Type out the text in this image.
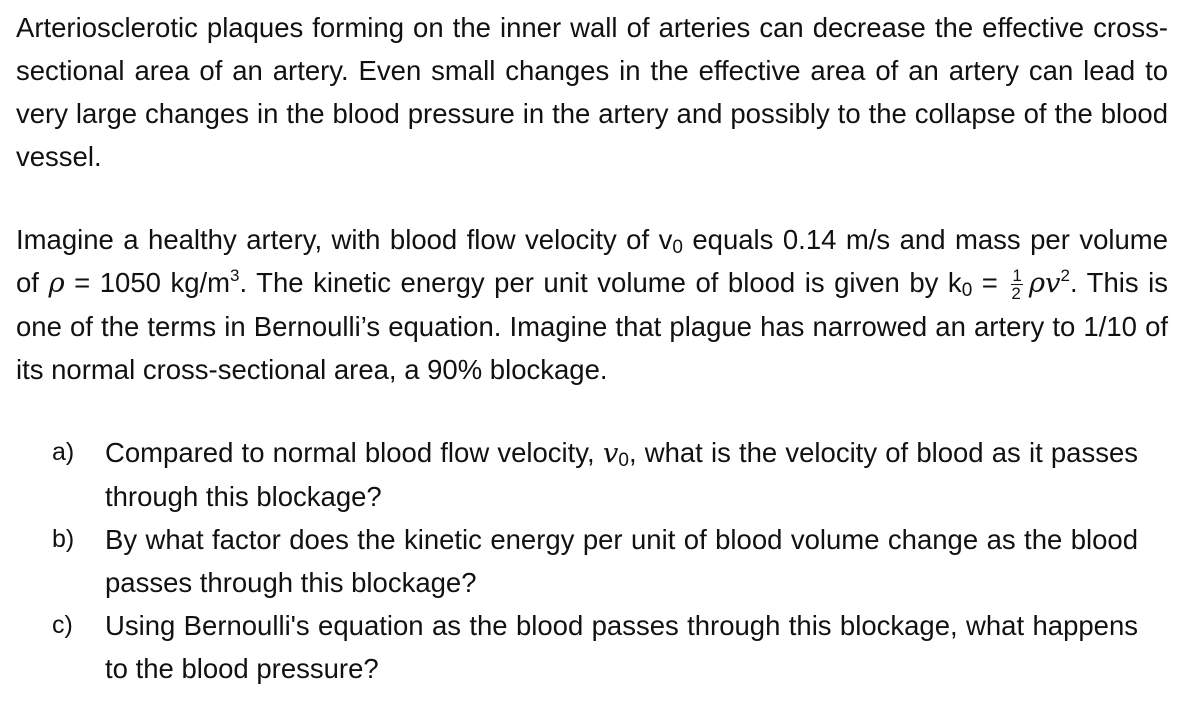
Arteriosclerotic plaques forming on the inner wall of arteries can decrease the effective cross- sectional area of an artery. Even small changes in the effective area of an artery can lead to very large changes in the blood pressure in the artery and possibly to the collapse of the blood vessel.

Imagine a healthy artery, with blood flow velocity of $v_0$ equals 0.14 m/s and mass per volume of ρ = 1050 $kg/m^3$. The kinetic energy per unit volume of blood is given by $k_0 = \frac{1}{2} \rho v^2$. This is one of the terms in Bernoulli’s equation. Imagine that plague has narrowed an artery to 1/10 of its normal cross-sectional area, a 90% blockage.

a) Compared to normal blood flow velocity, $v_0$, what is the velocity of blood as it passes through this blockage?
b) By what factor does the kinetic energy per unit of blood volume change as the blood passes through this blockage?
c) Using Bernoulli's equation as the blood passes through this blockage, what happens to the blood pressure?
